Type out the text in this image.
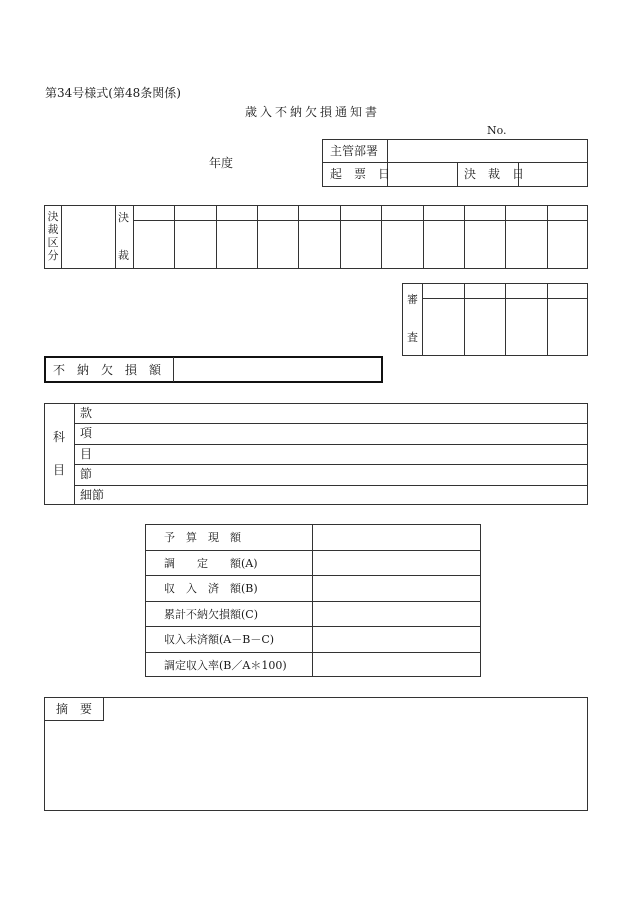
第34号様式(第48条関係)
歳入不納欠損通知書
No.
年度
主管部署
起　票　日	決　裁　日
決
裁
区
分
決
裁
審
査
不　納　欠　損　額
科
目
款
項
目
節
細節
予　算　現　額
調　　定　　額(A)
収　入　済　額(B)
累計不納欠損額(C)
収入未済額(A－B－C)
調定収入率(B／A＊100)
摘　要
